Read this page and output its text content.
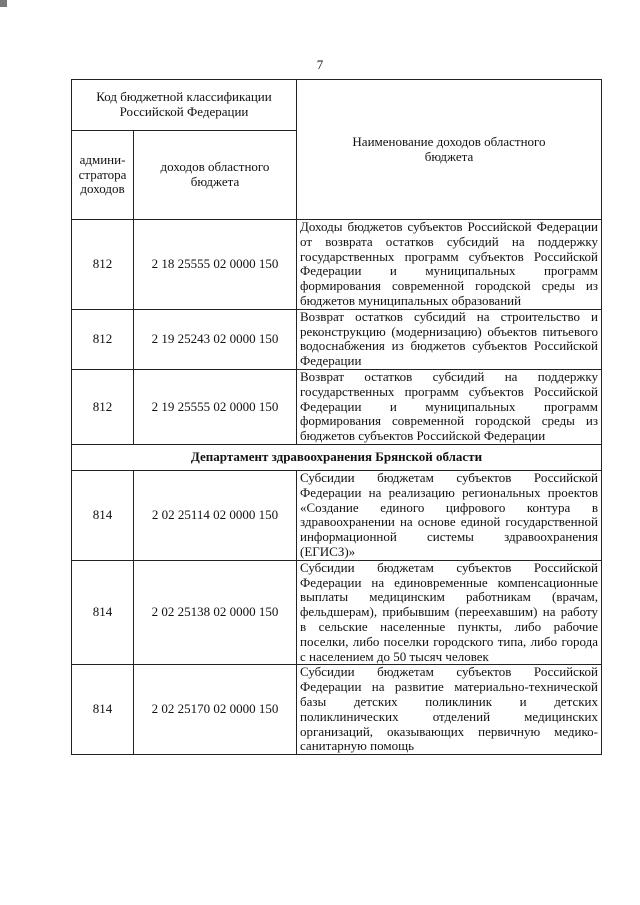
7
Код бюджетной классификации Российской Федерации		Наименование доходов областного бюджета
админи-стратора доходов	доходов областного бюджета	
812	2 18 25555 02 0000 150	Доходы бюджетов субъектов Российской Федерации от возврата остатков субсидий на поддержку государственных программ субъектов Российской Федерации и муниципальных программ формирования современной городской среды из бюджетов муниципальных образований
812	2 19 25243 02 0000 150	Возврат остатков субсидий на строительство и реконструкцию (модернизацию) объектов питьевого водоснабжения из бюджетов субъектов Российской Федерации
812	2 19 25555 02 0000 150	Возврат остатков субсидий на поддержку государственных программ субъектов Российской Федерации и муниципальных программ формирования современной городской среды из бюджетов субъектов Российской Федерации
Департамент здравоохранения Брянской области		
814	2 02 25114 02 0000 150	Субсидии бюджетам субъектов Российской Федерации на реализацию региональных проектов «Создание единого цифрового контура в здравоохранении на основе единой государственной информационной системы здравоохранения (ЕГИСЗ)»
814	2 02 25138 02 0000 150	Субсидии бюджетам субъектов Российской Федерации на единовременные компенсационные выплаты медицинским работникам (врачам, фельдшерам), прибывшим (переехавшим) на работу в сельские населенные пункты, либо рабочие поселки, либо поселки городского типа, либо города с населением до 50 тысяч человек
814	2 02 25170 02 0000 150	Субсидии бюджетам субъектов Российской Федерации на развитие материально-технической базы детских поликлиник и детских поликлинических отделений медицинских организаций, оказывающих первичную медико-санитарную помощь
